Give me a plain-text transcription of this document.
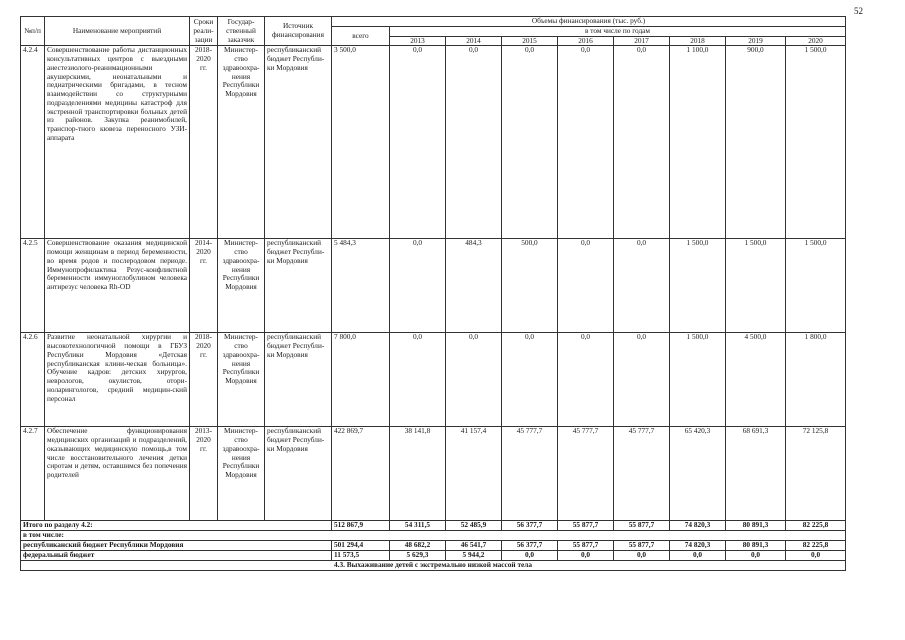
52
№п/п	Наименование мероприятий	Сроки реали-зации	Государ-ственный заказчик	Источник финансирования	Объемы финансирования (тыс. руб.)								
					всего	в том числе по годам							
						2013	2014	2015	2016	2017	2018	2019	2020
4.2.4	Совершенствование работы дистанционных консультативных центров с выездными анестезиолого-реанимационными акушерскими, неонатальными и педиатрическими бригадами, в тесном взаимодействии со структурными подразделениями медицины катастроф для экстренной транспортировки больных детей из районов. Закупка реанимобилей, транспор-тного кювеза переносного УЗИ-аппарата	2018-2020 гг.	Министер-ство здравоохра-нения Республики Мордовия	республиканский бюджет Республи-ки Мордовия	3 500,0	0,0	0,0	0,0	0,0	0,0	1 100,0	900,0	1 500,0
4.2.5	Совершенствование оказания медицинской помощи женщинам в период беременности, во время родов и послеродовом периоде. Иммунопрофилактика Резус-конфликтной беременности иммуноглобулином человека антирезус человека Rh-OD	2014-2020 гг.	Министер-ство здравоохра-нения Республики Мордовия	республиканский бюджет Республи-ки Мордовия	5 484,3	0,0	484,3	500,0	0,0	0,0	1 500,0	1 500,0	1 500,0
4.2.6	Развитие неонатальной хирургии и высокотехнологичной помощи в ГБУЗ Республики Мордовия «Детская республиканская клини-ческая больница». Обучение кадров: детских хирургов, неврологов, окулистов, отори-ноларингологов, средний медицин-ский персонал	2018-2020 гг.	Министер-ство здравоохра-нения Республики Мордовия	республиканский бюджет Республи-ки Мордовия	7 800,0	0,0	0,0	0,0	0,0	0,0	1 500,0	4 500,0	1 800,0
4.2.7	Обеспечение функционирования медицинских организаций и подразделений, оказывающих медицинскую помощь,в том числе восстановительного лечения детки сиротам и детям, оставшимся без попечения родителей	2013-2020 гг.	Министер-ство здравоохра-нения Республики Мордовия	республиканский бюджет Республи-ки Мордовия	422 869,7	38 141,8	41 157,4	45 777,7	45 777,7	45 777,7	65 420,3	68 691,3	72 125,8
Итого по разделу 4.2:					512 867,9	54 311,5	52 485,9	56 377,7	55 877,7	55 877,7	74 820,3	80 891,3	82 225,8
в том числе:													
республиканский бюджет Республики Мордовия					501 294,4	48 682,2	46 541,7	56 377,7	55 877,7	55 877,7	74 820,3	80 891,3	82 225,8
федеральный бюджет					11 573,5	5 629,3	5 944,2	0,0	0,0	0,0	0,0	0,0	0,0
4.3. Выхаживание детей с экстремально низкой массой тела													
